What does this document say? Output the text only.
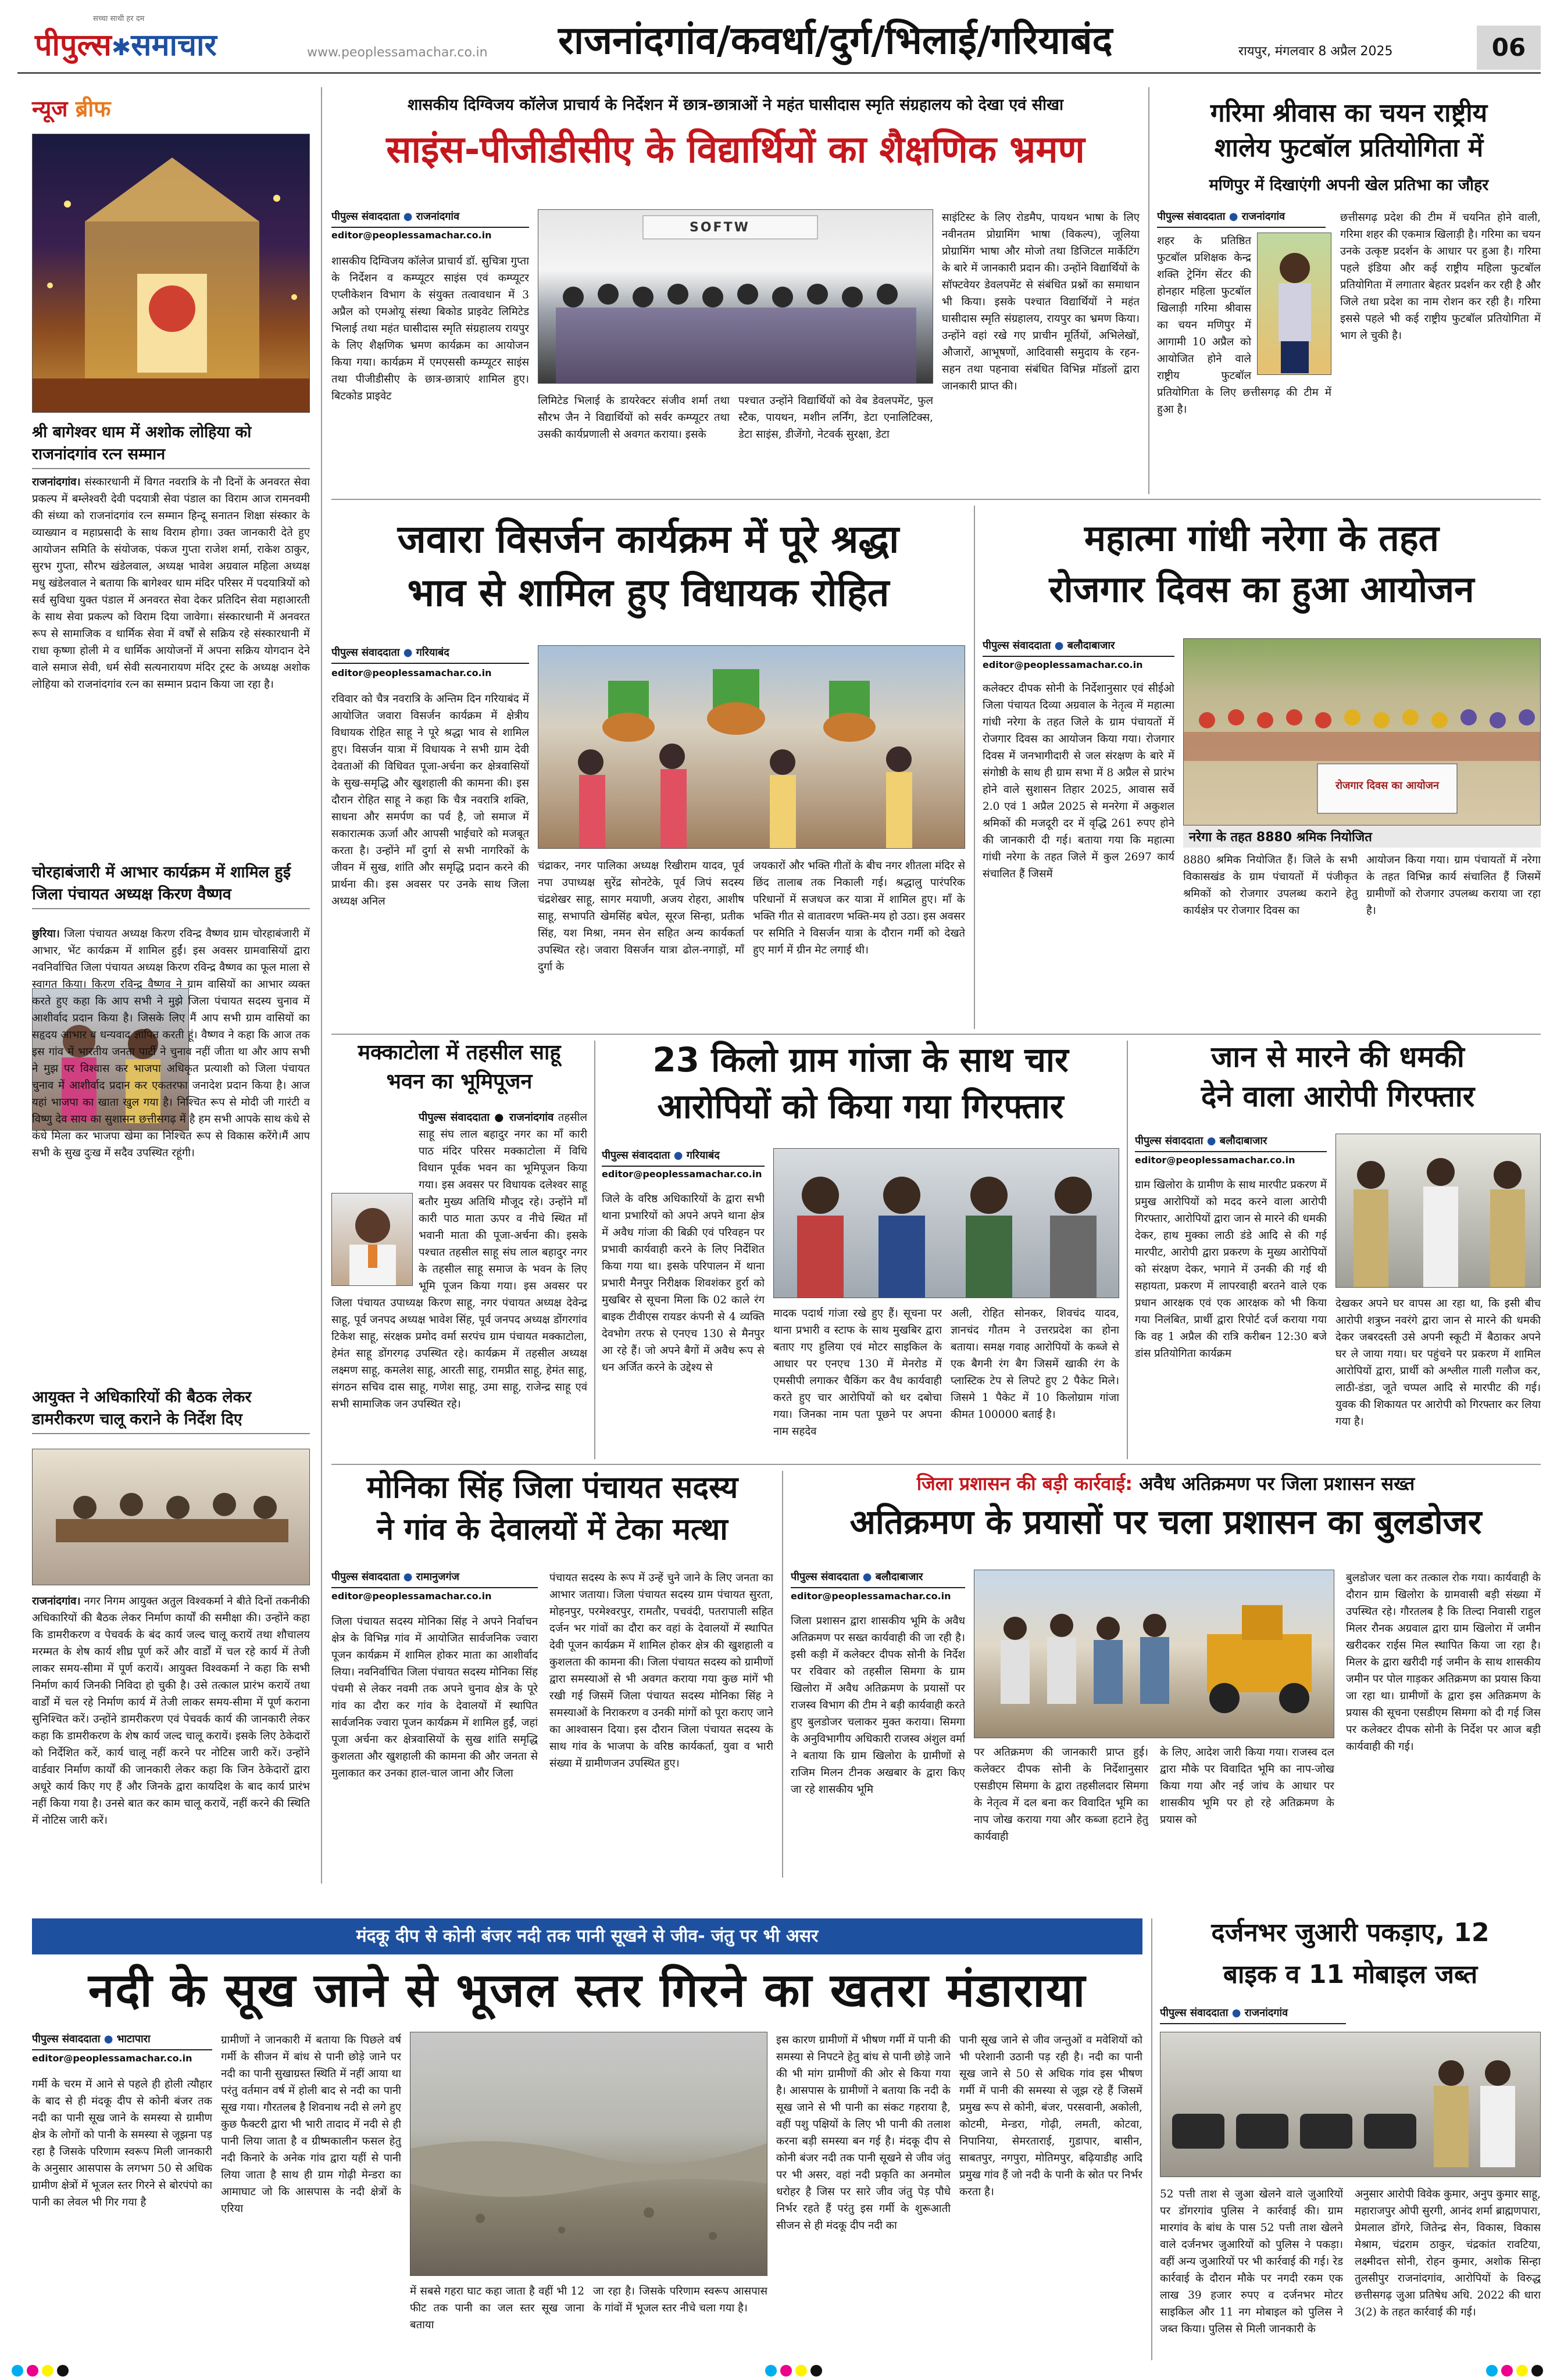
सच्चा साथी हर दम
पीपुल्स✱समाचार	www.peoplessamachar.co.in राजनांदगांव/कवर्धा/दुर्ग/भिलाई/गरियाबंद	रायपुर, मंगलवार 8 अप्रैल 2025	06
न्यूज ब्रीफ
श्री बागेश्वर धाम में अशोक लोहिया को राजनांदगांव रत्न सम्मान
राजनांदगांव। संस्कारधानी में विगत नवरात्रि के नौ दिनों के अनवरत सेवा प्रकल्प में बम्लेश्वरी देवी पदयात्री सेवा पंडाल का विराम आज रामनवमी की संध्या को राजनांदगांव रत्न सम्मान हिन्दू सनातन शिक्षा संस्कार के व्याख्यान व महाप्रसादी के साथ विराम होगा। उक्त जानकारी देते हुए आयोजन समिति के संयोजक, पंकज गुप्ता राजेश शर्मा, राकेश ठाकुर, सुरभ गुप्ता, सौरभ खंडेलवाल, अध्यक्ष भावेश अग्रवाल महिला अध्यक्ष मधु खंडेलवाल ने बताया कि बागेश्वर धाम मंदिर परिसर में पदयात्रियों को सर्व सुविधा युक्त पंडाल में अनवरत सेवा देकर प्रतिदिन सेवा महाआरती के साथ सेवा प्रकल्प को विराम दिया जावेगा। संस्कारधानी में अनवरत रूप से सामाजिक व धार्मिक सेवा में वर्षों से सक्रिय रहे संस्कारधानी में राधा कृष्णा होली मे व धार्मिक आयोजनों में अपना सक्रिय योगदान देने वाले समाज सेवी, धर्म सेवी सत्यनारायण मंदिर ट्रस्ट के अध्यक्ष अशोक लोहिया को राजनांदगांव रत्न का सम्मान प्रदान किया जा रहा है।
चोरहाबंजारी में आभार कार्यक्रम में शामिल हुई जिला पंचायत अध्यक्ष किरण वैष्णव
छुरिया। जिला पंचायत अध्यक्ष किरण रविन्द्र वैष्णव ग्राम चोरहाबंजारी में आभार, भेंट कार्यक्रम में शामिल हुईं। इस अवसर ग्रामवासियों द्वारा नवनिर्वाचित जिला पंचायत अध्यक्ष किरण रविन्द्र वैष्णव का फूल माला से स्वागत किया। किरण रविन्द्र वैष्णव ने ग्राम वासियों का आभार व्यक्त करते हुए कहा कि आप सभी ने मुझे जिला पंचायत सदस्य चुनाव में आशीर्वाद प्रदान किया है। जिसके लिए मैं आप सभी ग्राम वासियों का सहृदय आभार व धन्यवाद ज्ञापित करती हूं। वैष्णव ने कहा कि आज तक इस गांव में भारतीय जनता पार्टी ने चुनाव नहीं जीता था और आप सभी ने मुझ पर विश्वास कर भाजपा अधिकृत प्रत्याशी को जिला पंचायत चुनाव में आशीर्वाद प्रदान कर एकतरफा जनादेश प्रदान किया है। आज यहां भाजपा का खाता खुल गया है। निश्चित रूप से मोदी जी गारंटी व विष्णु देव साय का सुशासन छत्तीसगढ़ में है हम सभी आपके साथ कंधे से कंधे मिला कर भाजपा खेमा का निश्चित रूप से विकास करेंगे।मैं आप सभी के सुख दुःख में सदैव उपस्थित रहूंगी।
आयुक्त ने अधिकारियों की बैठक लेकर डामरीकरण चालू कराने के निर्देश दिए
राजनांदगांव। नगर निगम आयुक्त अतुल विश्वकर्मा ने बीते दिनों तकनीकी अधिकारियों की बैठक लेकर निर्माण कार्यों की समीक्षा की। उन्होंने कहा कि डामरीकरण व पेचवर्क के बंद कार्य जल्द चालू करायें तथा शौचालय मरम्मत के शेष कार्य शीघ्र पूर्ण करें और वार्डों में चल रहे कार्य में तेजी लाकर समय-सीमा में पूर्ण करायें। आयुक्त विश्वकर्मा ने कहा कि सभी निर्माण कार्य जिनकी निविदा हो चुकी है। उसे तत्काल प्रारंभ करायें तथा वार्डों में चल रहे निर्माण कार्य में तेजी लाकर समय-सीमा में पूर्ण कराना सुनिश्चित करें। उन्होंने डामरीकरण एवं पेचवर्क कार्य की जानकारी लेकर कहा कि डामरीकरण के शेष कार्य जल्द चालू करायें। इसके लिए ठेकेदारों को निर्देशित करें, कार्य चालू नहीं करने पर नोटिस जारी करें। उन्होंने वार्डवार निर्माण कार्यों की जानकारी लेकर कहा कि जिन ठेकेदारों द्वारा अधूरे कार्य किए गए हैं और जिनके द्वारा कायदिश के बाद कार्य प्रारंभ नहीं किया गया है। उनसे बात कर काम चालू करायें, नहीं करने की स्थिति में नोटिस जारी करें।
शासकीय दिग्विजय कॉलेज प्राचार्य के निर्देशन में छात्र-छात्राओं ने महंत घासीदास स्मृति संग्रहालय को देखा एवं सीखा
साइंस-पीजीडीसीए के विद्यार्थियों का शैक्षणिक भ्रमण
पीपुल्स संवाददाता ● राजनांदगांव
editor@peoplessamachar.co.in
शासकीय दिग्विजय कॉलेज प्राचार्य डॉ. सुचित्रा गुप्ता के निर्देशन व कम्प्यूटर साइंस एवं कम्प्यूटर एप्लीकेशन विभाग के संयुक्त तत्वावधान में 3 अप्रैल को एमओयू संस्था बिकोड प्राइवेट लिमिटेड भिलाई तथा महंत घासीदास स्मृति संग्रहालय रायपुर के लिए शैक्षणिक भ्रमण कार्यक्रम का आयोजन किया गया। कार्यक्रम में एमएससी कम्प्यूटर साइंस तथा पीजीडीसीए के छात्र-छात्राएं शामिल हुए। बिटकोड प्राइवेट
SOFTW
लिमिटेड भिलाई के डायरेक्टर संजीव शर्मा तथा सौरभ जैन ने विद्यार्थियों को सर्वर कम्प्यूटर तथा उसकी कार्यप्रणाली से अवगत कराया। इसके
पश्चात उन्होंने विद्यार्थियों को वेब डेवलपमेंट, फुल स्टैक, पायथन, मशीन लर्निंग, डेटा एनालिटिक्स, डेटा साइंस, डीजेंगो, नेटवर्क सुरक्षा, डेटा
साइंटिस्ट के लिए रोडमैप, पायथन भाषा के लिए नवीनतम प्रोग्रामिंग भाषा (विकल्प), जूलिया प्रोग्रामिंग भाषा और मोजो तथा डिजिटल मार्केटिंग के बारे में जानकारी प्रदान की। उन्होंने विद्यार्थियों के सॉफ्टवेयर डेवलपमेंट से संबंधित प्रश्नों का समाधान भी किया। इसके पश्चात विद्यार्थियों ने महंत घासीदास स्मृति संग्रहालय, रायपुर का भ्रमण किया। उन्होंने वहां रखे गए प्राचीन मूर्तियों, अभिलेखों, औजारों, आभूषणों, आदिवासी समुदाय के रहन-सहन तथा पहनावा संबंधित विभिन्न मॉडलों द्वारा जानकारी प्राप्त की।
गरिमा श्रीवास का चयन राष्ट्रीय
शालेय फुटबॉल प्रतियोगिता में
मणिपुर में दिखाएंगी अपनी खेल प्रतिभा का जौहर
पीपुल्स संवाददाता ● राजनांदगांव
शहर के प्रतिष्ठित फुटबॉल प्रशिक्षक केन्द्र शक्ति ट्रेनिंग सेंटर की होनहार महिला फुटबॉल खिलाड़ी गरिमा श्रीवास का चयन मणिपुर में आगामी 10 अप्रैल को आयोजित होने वाले राष्ट्रीय फुटबॉल प्रतियोगिता के लिए छत्तीसगढ़ की टीम में हुआ है।
छत्तीसगढ़ प्रदेश की टीम में चयनित होने वाली, गरिमा शहर की एकमात्र खिलाड़ी है। गरिमा का चयन उनके उत्कृष्ट प्रदर्शन के आधार पर हुआ है। गरिमा पहले इंडिया और कई राष्ट्रीय महिला फुटबॉल प्रतियोगिता में लगातार बेहतर प्रदर्शन कर रही है और जिले तथा प्रदेश का नाम रोशन कर रही है। गरिमा इससे पहले भी कई राष्ट्रीय फुटबॉल प्रतियोगिता में भाग ले चुकी है।
जवारा विसर्जन कार्यक्रम में पूरे श्रद्धा
भाव से शामिल हुए विधायक रोहित
पीपुल्स संवाददाता ● गरियाबंद
editor@peoplessamachar.co.in
रविवार को चैत्र नवरात्रि के अन्तिम दिन गरियाबंद में आयोजित जवारा विसर्जन कार्यक्रम में क्षेत्रीय विधायक रोहित साहू ने पूरे श्रद्धा भाव से शामिल हुए। विसर्जन यात्रा में विधायक ने सभी ग्राम देवी देवताओं की विधिवत पूजा-अर्चना कर क्षेत्रवासियों के सुख-समृद्धि और खुशहाली की कामना की। इस दौरान रोहित साहू ने कहा कि चैत्र नवरात्रि शक्ति, साधना और समर्पण का पर्व है, जो समाज में सकारात्मक ऊर्जा और आपसी भाईचारे को मजबूत करता है। उन्होंने माँ दुर्गा से सभी नागरिकों के जीवन में सुख, शांति और समृद्धि प्रदान करने की प्रार्थना की। इस अवसर पर उनके साथ जिला अध्यक्ष अनिल
चंद्राकर, नगर पालिका अध्यक्ष रिखीराम यादव, पूर्व नपा उपाध्यक्ष सुरेंद्र सोनटेके, पूर्व जिपं सदस्य चंद्रशेखर साहू, सागर मयाणी, अजय रोहरा, आशीष साहू, सभापति खेमसिंह बघेल, सूरज सिन्हा, प्रतीक सिंह, यश मिश्रा, नमन सेन सहित अन्य कार्यकर्ता उपस्थित रहे। जवारा विसर्जन यात्रा ढोल-नगाड़ों, माँ दुर्गा के
जयकारों और भक्ति गीतों के बीच नगर शीतला मंदिर से छिंद तालाब तक निकाली गई। श्रद्धालु पारंपरिक परिधानों में सजधज कर यात्रा में शामिल हुए। माँ के भक्ति गीत से वातावरण भक्ति-मय हो उठा। इस अवसर पर समिति ने विसर्जन यात्रा के दौरान गर्मी को देखते हुए मार्ग में ग्रीन मेट लगाई थी।
महात्मा गांधी नरेगा के तहत
रोजगार दिवस का हुआ आयोजन
पीपुल्स संवाददाता ● बलौदाबाजार
editor@peoplessamachar.co.in
कलेक्टर दीपक सोनी के निर्देशानुसार एवं सीईओ जिला पंचायत दिव्या अग्रवाल के नेतृत्व में महात्मा गांधी नरेगा के तहत जिले के ग्राम पंचायतों में रोजगार दिवस का आयोजन किया गया। रोजगार दिवस में जनभागीदारी से जल संरक्षण के बारे में संगोष्ठी के साथ ही ग्राम सभा में 8 अप्रैल से प्रारंभ होने वाले सुशासन तिहार 2025, आवास सर्वे 2.0 एवं 1 अप्रैल 2025 से मनरेगा में अकुशल श्रमिकों की मजदूरी दर में वृद्धि 261 रुपए होने की जानकारी दी गई। बताया गया कि महात्मा गांधी नरेगा के तहत जिले में कुल 2697 कार्य संचालित हैं जिसमें
रोजगार दिवस का आयोजन
नरेगा के तहत 8880 श्रमिक नियोजित
8880 श्रमिक नियोजित हैं। जिले के सभी विकासखंड के ग्राम पंचायतों में पंजीकृत श्रमिकों को रोजगार उपलब्ध कराने हेतु कार्यक्षेत्र पर रोजगार दिवस का
आयोजन किया गया। ग्राम पंचायतों में नरेगा के तहत विभिन्न कार्य संचालित हैं जिसमें ग्रामीणों को रोजगार उपलब्ध कराया जा रहा है।
मक्काटोला में तहसील साहू
भवन का भूमिपूजन
पीपुल्स संवाददाता ● राजनांदगांव तहसील साहू संघ लाल बहादुर नगर का माँ कारी पाठ मंदिर परिसर मक्काटोला में विधि विधान पूर्वक भवन का भूमिपूजन किया गया। इस अवसर पर विधायक दलेश्वर साहू बतौर मुख्य अतिथि मौजूद रहे। उन्होंने माँ कारी पाठ माता ऊपर व नीचे स्थित माँ भवानी माता की पूजा-अर्चना की। इसके पश्चात तहसील साहू संघ लाल बहादुर नगर के तहसील साहू समाज के भवन के लिए भूमि पूजन किया गया। इस अवसर पर जिला पंचायत उपाध्यक्ष किरण साहू, नगर पंचायत अध्यक्ष देवेन्द्र साहू, पूर्व जनपद अध्यक्ष भावेश सिंह, पूर्व जनपद अध्यक्ष डोंगरगांव टिकेश साहू, संरक्षक प्रमोद वर्मा सरपंच ग्राम पंचायत मक्काटोला, हेमंत साहू डोंगरगढ़ उपस्थित रहे। कार्यक्रम में तहसील अध्यक्ष लक्ष्मण साहू, कमलेश साहू, आरती साहू, रामप्रीत साहू, हेमंत साहू, संगठन सचिव दास साहू, गणेश साहू, उमा साहू, राजेन्द्र साहू एवं सभी सामाजिक जन उपस्थित रहे।
23 किलो ग्राम गांजा के साथ चार
आरोपियों को किया गया गिरफ्तार
पीपुल्स संवाददाता ● गरियाबंद
editor@peoplessamachar.co.in
जिले के वरिष्ठ अधिकारियों के द्वारा सभी थाना प्रभारियों को अपने अपने थाना क्षेत्र में अवैध गांजा की बिक्री एवं परिवहन पर प्रभावी कार्यवाही करने के लिए निर्देशित किया गया था। इसके परिपालन में थाना प्रभारी मैनपुर निरीक्षक शिवशंकर हुर्रा को मुखबिर से सूचना मिला कि 02 काले रंग बाइक टीवीएस रायडर कंपनी से 4 व्यक्ति देवभोग तरफ से एनएच 130 से मैनपुर आ रहे हैं। जो अपने बैगों में अवैध रूप से धन अर्जित करने के उद्देश्य से
मादक पदार्थ गांजा रखे हुए हैं। सूचना पर थाना प्रभारी व स्टाफ के साथ मुखबिर द्वारा बताए गए हुलिया एवं मोटर साइकिल के आधार पर एनएच 130 में मेनरोड में एमसीपी लगाकर चैकिंग कर वैध कार्यवाही करते हुए चार आरोपियों को धर दबोचा गया। जिनका नाम पता पूछने पर अपना नाम सहदेव
अली, रोहित सोनकर, शिवचंद यादव, ज्ञानचंद गौतम ने उत्तरप्रदेश का होना बताया। समक्ष गवाह आरोपियों के कब्जे से एक बैगनी रंग बैग जिसमें खाकी रंग के प्लास्टिक टेप से लिपटे हुए 2 पैकेट मिले। जिसमे 1 पैकेट में 10 किलोग्राम गांजा कीमत 100000 बताई है।
जान से मारने की धमकी
देने वाला आरोपी गिरफ्तार
पीपुल्स संवाददाता ● बलौदाबाजार
editor@peoplessamachar.co.in
ग्राम खिलोरा के ग्रामीण के साथ मारपीट प्रकरण में प्रमुख आरोपियों को मदद करने वाला आरोपी गिरफ्तार, आरोपियों द्वारा जान से मारने की धमकी देकर, हाथ मुक्का लाठी डंडे आदि से की गई मारपीट, आरोपी द्वारा प्रकरण के मुख्य आरोपियों को संरक्षण देकर, भगाने में उनकी की गई थी सहायता, प्रकरण में लापरवाही बरतने वाले एक प्रधान आरक्षक एवं एक आरक्षक को भी किया गया निलंबित, प्रार्थी द्वारा रिपोर्ट दर्ज कराया गया कि वह 1 अप्रैल की रात्रि करीबन 12:30 बजे डांस प्रतियोगिता कार्यक्रम
देखकर अपने घर वापस आ रहा था, कि इसी बीच आरोपी शत्रुघ्न नवरंगे द्वारा जान से मारने की धमकी देकर जबरदस्ती उसे अपनी स्कूटी में बैठाकर अपने घर ले जाया गया। घर पहुंचने पर प्रकरण में शामिल आरोपियों द्वारा, प्रार्थी को अश्लील गाली गलौज कर, लाठी-डंडा, जूते चप्पल आदि से मारपीट की गई। युवक की शिकायत पर आरोपी को गिरफ्तार कर लिया गया है।
मोनिका सिंह जिला पंचायत सदस्य
ने गांव के देवालयों में टेका मत्था
पीपुल्स संवाददाता ● रामानुजगंज
editor@peoplessamachar.co.in
जिला पंचायत सदस्य मोनिका सिंह ने अपने निर्वाचन क्षेत्र के विभिन्न गांव में आयोजित सार्वजनिक ज्वारा पूजन कार्यक्रम में शामिल होकर माता का आशीर्वाद लिया। नवनिर्वाचित जिला पंचायत सदस्य मोनिका सिंह पंचमी से लेकर नवमी तक अपने चुनाव क्षेत्र के पूरे गांव का दौरा कर गांव के देवालयों में स्थापित सार्वजनिक ज्वारा पूजन कार्यक्रम में शामिल हुईं, जहां पूजा अर्चना कर क्षेत्रवासियों के सुख शांति समृद्धि कुशलता और खुशहाली की कामना की और जनता से मुलाकात कर उनका हाल-चाल जाना और जिला
पंचायत सदस्य के रूप में उन्हें चुने जाने के लिए जनता का आभार जताया। जिला पंचायत सदस्य ग्राम पंचायत सुरता, मोहनपुर, परमेश्वरपुर, रामतौर, पचवंदी, पतरापाली सहित दर्जन भर गांवों का दौरा कर वहां के देवालयों में स्थापित देवी पूजन कार्यक्रम में शामिल होकर क्षेत्र की खुशहाली व कुशलता की कामना की। जिला पंचायत सदस्य को ग्रामीणों द्वारा समस्याओं से भी अवगत कराया गया कुछ मांगें भी रखी गई जिसमें जिला पंचायत सदस्य मोनिका सिंह ने समस्याओं के निराकरण व उनकी मांगों को पूरा कराए जाने का आश्वासन दिया। इस दौरान जिला पंचायत सदस्य के साथ गांव के भाजपा के वरिष्ठ कार्यकर्ता, युवा व भारी संख्या में ग्रामीणजन उपस्थित हुए।
जिला प्रशासन की बड़ी कार्रवाई: अवैध अतिक्रमण पर जिला प्रशासन सख्त
अतिक्रमण के प्रयासों पर चला प्रशासन का बुलडोजर
पीपुल्स संवाददाता ● बलौदाबाजार
editor@peoplessamachar.co.in
जिला प्रशासन द्वारा शासकीय भूमि के अवैध अतिक्रमण पर सख्त कार्यवाही की जा रही है। इसी कड़ी में कलेक्टर दीपक सोनी के निर्देश पर रविवार को तहसील सिमगा के ग्राम खिलोरा में अवैध अतिक्रमण के प्रयासों पर राजस्व विभाग की टीम ने बड़ी कार्यवाही करते हुए बुलडोजर चलाकर मुक्त कराया। सिमगा के अनुविभागीय अधिकारी राजस्व अंशुल वर्मा ने बताया कि ग्राम खिलोरा के ग्रामीणों से राजिम मिलन टीनक अखबार के द्वारा किए जा रहे शासकीय भूमि
पर अतिक्रमण की जानकारी प्राप्त हुई। कलेक्टर दीपक सोनी के निर्देशानुसार एसडीएम सिमगा के द्वारा तहसीलदार सिमगा के नेतृत्व में दल बना कर विवादित भूमि का नाप जोख कराया गया और कब्जा हटाने हेतु कार्यवाही
के लिए, आदेश जारी किया गया। राजस्व दल द्वारा मौके पर विवादित भूमि का नाप-जोख किया गया और नई जांच के आधार पर शासकीय भूमि पर हो रहे अतिक्रमण के प्रयास को
बुलडोजर चला कर तत्काल रोक गया। कार्यवाही के दौरान ग्राम खिलोरा के ग्रामवासी बड़ी संख्या में उपस्थित रहे। गौरतलब है कि तिल्दा निवासी राहुल मिलर रौनक अग्रवाल द्वारा ग्राम खिलोरा में जमीन खरीदकर राईस मिल स्थापित किया जा रहा है। मिलर के द्वारा खरीदी गई जमीन के साथ शासकीय जमीन पर पोल गाड़कर अतिक्रमण का प्रयास किया जा रहा था। ग्रामीणों के द्वारा इस अतिक्रमण के प्रयास की सूचना एसडीएम सिमगा को दी गई जिस पर कलेक्टर दीपक सोनी के निर्देश पर आज बड़ी कार्यवाही की गई।
मंदकू दीप से कोनी बंजर नदी तक पानी सूखने से जीव- जंतु पर भी असर
नदी के सूख जाने से भूजल स्तर गिरने का खतरा मंडाराया
पीपुल्स संवाददाता ● भाटापारा
editor@peoplessamachar.co.in
गर्मी के चरम में आने से पहले ही होली त्यौहार के बाद से ही मंदकू दीप से कोनी बंजर तक नदी का पानी सूख जाने के समस्या से ग्रामीण क्षेत्र के लोगों को पानी के समस्या से जूझना पड़ रहा है जिसके परिणाम स्वरूप मिली जानकारी के अनुसार आसपास के लगभग 50 से अधिक ग्रामीण क्षेत्रों में भूजल स्तर गिरने से बोरपंपो का पानी का लेवल भी गिर गया है
ग्रामीणों ने जानकारी में बताया कि पिछले वर्ष गर्मी के सीजन में बांध से पानी छोड़े जाने पर नदी का पानी सुखाग्रस्त स्थिति में नहीं आया था परंतु वर्तमान वर्ष में होली बाद से नदी का पानी सूख गया। गौरतलब है शिवनाथ नदी से लगे हुए कुछ फैक्टरी द्वारा भी भारी तादाद में नदी से ही पानी लिया जाता है व ग्रीष्मकालीन फसल हेतु नदी किनारे के अनेक गांव द्वारा यहीं से पानी लिया जाता है साथ ही ग्राम गोढ़ी मेन्डरा का आमाघाट जो कि आसपास के नदी क्षेत्रों के एरिया
में सबसे गहरा घाट कहा जाता है वहीं भी 12 फीट तक पानी का जल स्तर सूख जाना बताया
जा रहा है। जिसके परिणाम स्वरूप आसपास के गांवों में भूजल स्तर नीचे चला गया है।
इस कारण ग्रामीणों में भीषण गर्मी में पानी की समस्या से निपटने हेतु बांध से पानी छोड़े जाने की भी मांग ग्रामीणों की ओर से किया गया है। आसपास के ग्रामीणों ने बताया कि नदी के सूख जाने से भी पानी का संकट गहराया है, वहीं पशु पक्षियों के लिए भी पानी की तलाश करना बड़ी समस्या बन गई है। मंदकू दीप से कोनी बंजर नदी तक पानी सूखने से जीव जंतु पर भी असर, वहां नदी प्रकृति का अनमोल धरोहर है जिस पर सारे जीव जंतु पेड़ पौधे निर्भर रहते हैं परंतु इस गर्मी के शुरूआती सीजन से ही मंदकू दीप नदी का
पानी सूख जाने से जीव जन्तुओं व मवेशियों को भी परेशानी उठानी पड़ रही है। नदी का पानी सूख जाने से 50 से अधिक गांव इस भीषण गर्मी में पानी की समस्या से जूझ रहे हैं जिसमें प्रमुख रूप से कोनी, बंजर, परसवानी, अकोली, कोटमी, मेन्डरा, गोढ़ी, लमती, कोटवा, निपानिया, सेमरताराई, गुडापार, बासीन, साबतपुर, नगपुरा, मोतिमपुर, बढ़ियाडीह आदि प्रमुख गांव हैं जो नदी के पानी के स्रोत पर निर्भर करता है।
दर्जनभर जुआरी पकड़ाए, 12
बाइक व 11 मोबाइल जब्त
पीपुल्स संवाददाता ● राजनांदगांव
52 पत्ती ताश से जुआ खेलने वाले जुआरियों पर डोंगरगांव पुलिस ने कार्रवाई की। ग्राम मारगांव के बांध के पास 52 पत्ती ताश खेलने वाले दर्जनभर जुआरियों को पुलिस ने पकड़ा। वहीं अन्य जुआरियों पर भी कार्रवाई की गई। रेड कार्रवाई के दौरान मौके पर नगदी रकम एक लाख 39 हजार रुपए व दर्जनभर मोटर साइकिल और 11 नग मोबाइल को पुलिस ने जब्त किया। पुलिस से मिली जानकारी के
अनुसार आरोपी विवेक कुमार, अनुप कुमार साहू, महाराजपुर ओपी सुरगी, आनंद शर्मा ब्राह्मणपारा, प्रेमलाल डोंगरे, जितेन्द्र सेन, विकास, विकास मेश्राम, चंद्रराम ठाकुर, चंद्रकांत रावटिया, लक्ष्मीदत्त सोनी, रोहन कुमार, अशोक सिन्हा तुलसीपुर राजनांदगांव, आरोपियों के विरुद्ध छत्तीसगढ़ जुआ प्रतिषेध अधि. 2022 की धारा 3(2) के तहत कार्रवाई की गई।
